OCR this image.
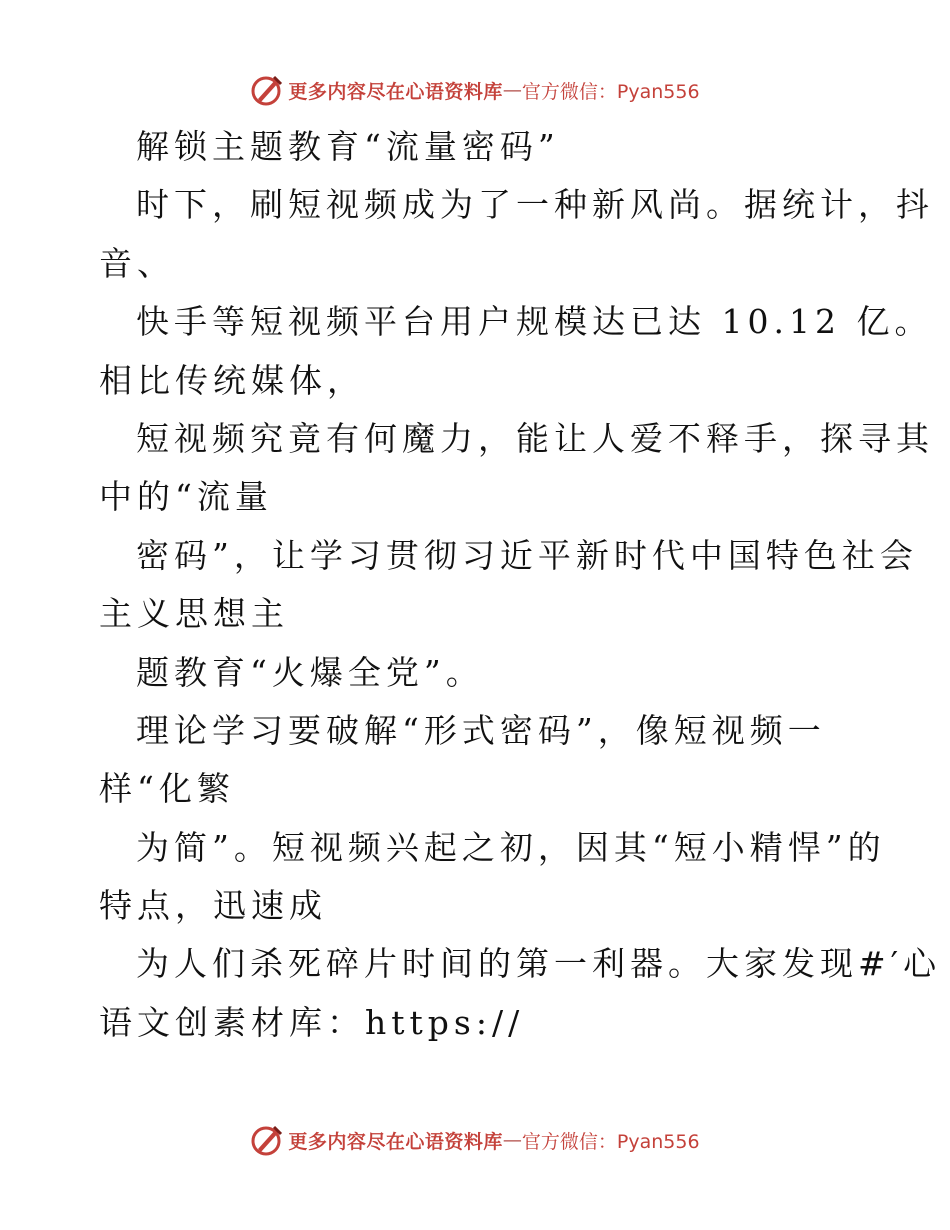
更多内容尽在心语资料库 — 官方微信：Pyan556
解锁主题教育“流量密码”
时下，刷短视频成为了一种新风尚。据统计，抖
音、
快手等短视频平台用户规模达已达 10.12 亿。
相比传统媒体，
短视频究竟有何魔力，能让人爱不释手，探寻其
中的“流量
密码”，让学习贯彻习近平新时代中国特色社会
主义思想主
题教育“火爆全党”。
理论学习要破解“形式密码”，像短视频一
样“化繁
为简”。短视频兴起之初，因其“短小精悍”的
特点，迅速成
为人们杀死碎片时间的第一利器。大家发现#′心
语文创素材库：https://
更多内容尽在心语资料库 — 官方微信：Pyan556
